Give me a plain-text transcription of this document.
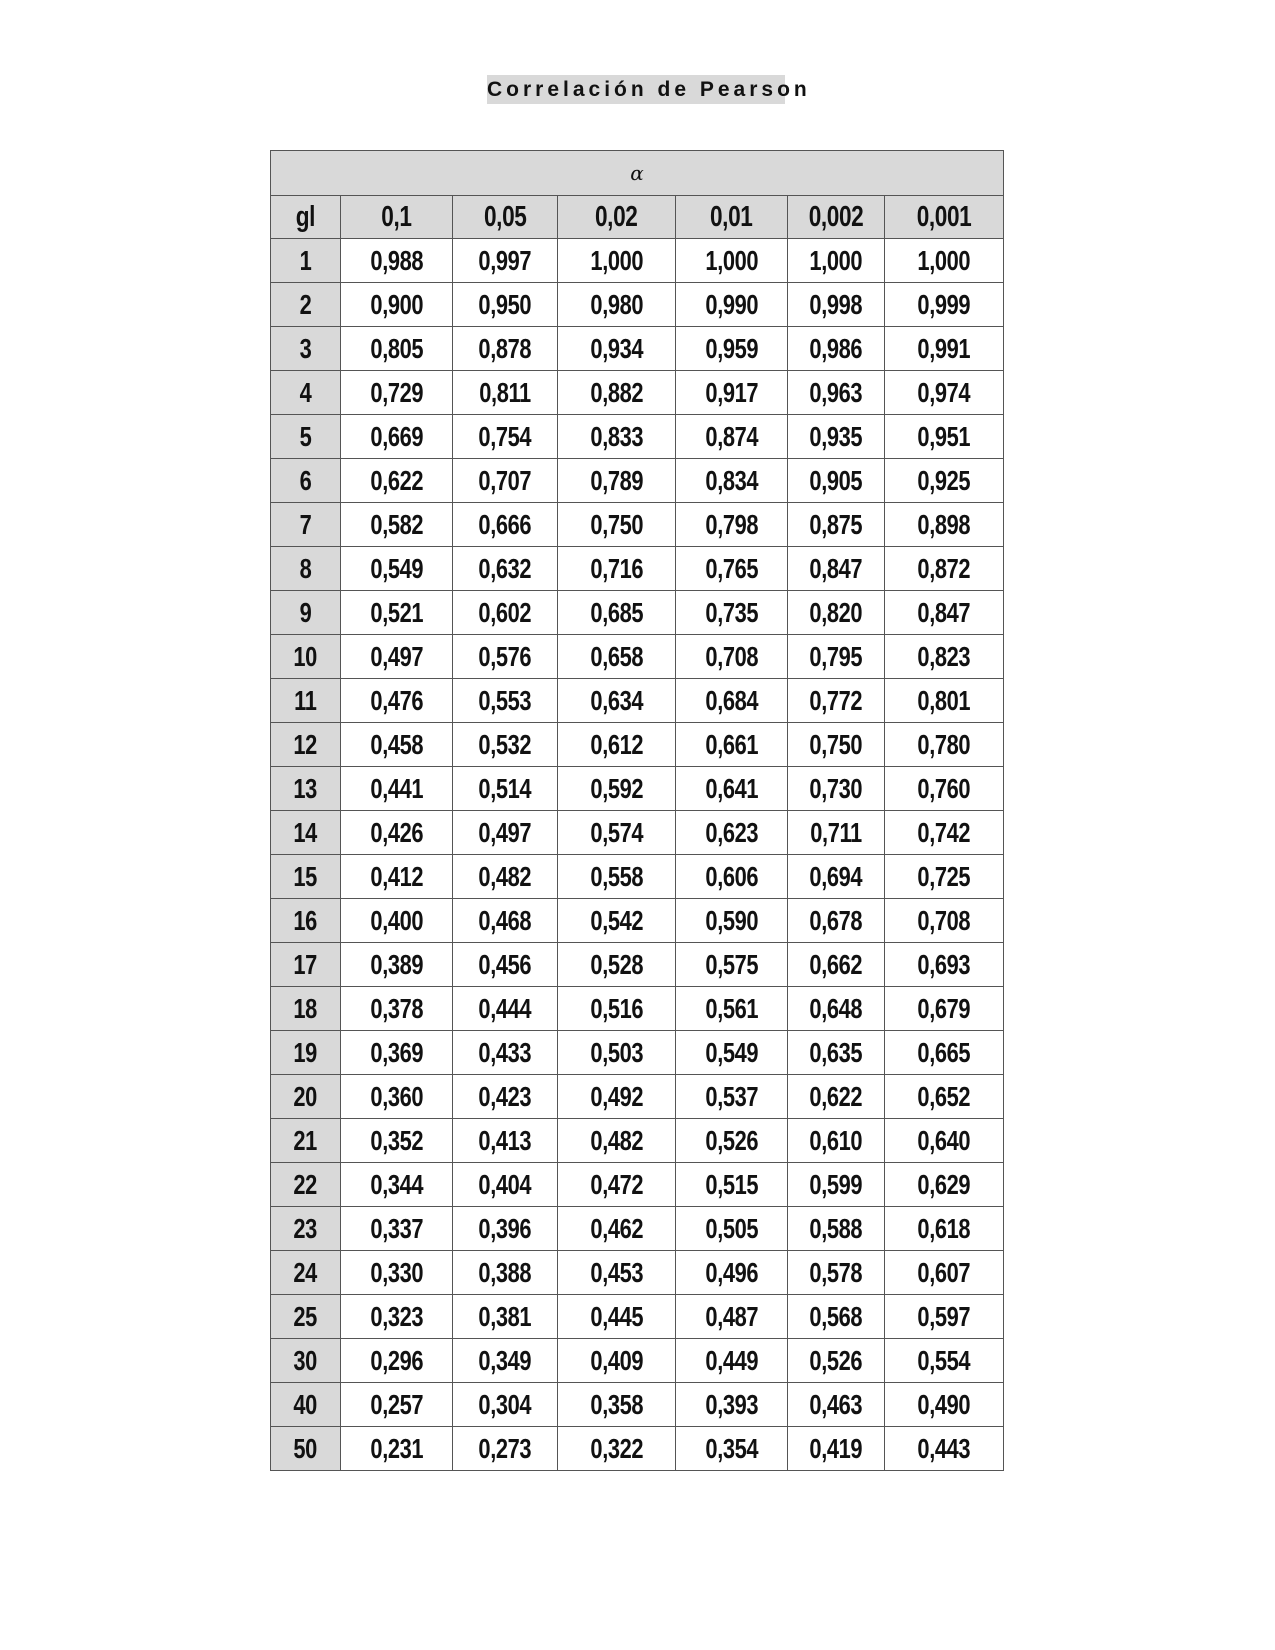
Correlación de Pearson
α						
gl	0,1	0,05	0,02	0,01	0,002	0,001
1	0,988	0,997	1,000	1,000	1,000	1,000
2	0,900	0,950	0,980	0,990	0,998	0,999
3	0,805	0,878	0,934	0,959	0,986	0,991
4	0,729	0,811	0,882	0,917	0,963	0,974
5	0,669	0,754	0,833	0,874	0,935	0,951
6	0,622	0,707	0,789	0,834	0,905	0,925
7	0,582	0,666	0,750	0,798	0,875	0,898
8	0,549	0,632	0,716	0,765	0,847	0,872
9	0,521	0,602	0,685	0,735	0,820	0,847
10	0,497	0,576	0,658	0,708	0,795	0,823
11	0,476	0,553	0,634	0,684	0,772	0,801
12	0,458	0,532	0,612	0,661	0,750	0,780
13	0,441	0,514	0,592	0,641	0,730	0,760
14	0,426	0,497	0,574	0,623	0,711	0,742
15	0,412	0,482	0,558	0,606	0,694	0,725
16	0,400	0,468	0,542	0,590	0,678	0,708
17	0,389	0,456	0,528	0,575	0,662	0,693
18	0,378	0,444	0,516	0,561	0,648	0,679
19	0,369	0,433	0,503	0,549	0,635	0,665
20	0,360	0,423	0,492	0,537	0,622	0,652
21	0,352	0,413	0,482	0,526	0,610	0,640
22	0,344	0,404	0,472	0,515	0,599	0,629
23	0,337	0,396	0,462	0,505	0,588	0,618
24	0,330	0,388	0,453	0,496	0,578	0,607
25	0,323	0,381	0,445	0,487	0,568	0,597
30	0,296	0,349	0,409	0,449	0,526	0,554
40	0,257	0,304	0,358	0,393	0,463	0,490
50	0,231	0,273	0,322	0,354	0,419	0,443
